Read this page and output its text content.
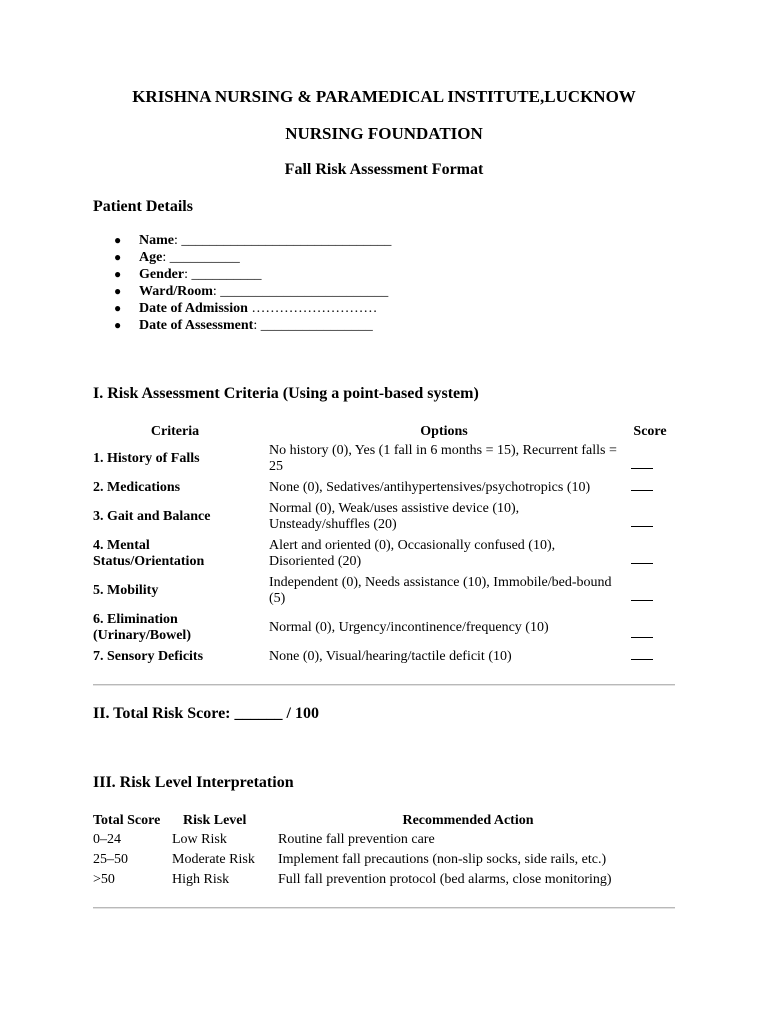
KRISHNA NURSING & PARAMEDICAL INSTITUTE,LUCKNOW
NURSING FOUNDATION
Fall Risk Assessment Format
Patient Details
● Name: ______________________________
● Age: __________
● Gender: __________
● Ward/Room: ________________________
● Date of Admission ………………………
● Date of Assessment: ________________
I. Risk Assessment Criteria (Using a point-based system)
Criteria	Options	Score
1. History of Falls	No history (0), Yes (1 fall in 6 months = 15), Recurrent falls = 25	
2. Medications	None (0), Sedatives/antihypertensives/psychotropics (10)	
3. Gait and Balance	Normal (0), Weak/uses assistive device (10), Unsteady/shuffles (20)	
4. Mental Status/Orientation	Alert and oriented (0), Occasionally confused (10), Disoriented (20)	
5. Mobility	Independent (0), Needs assistance (10), Immobile/bed-bound (5)	
6. Elimination (Urinary/Bowel)	Normal (0), Urgency/incontinence/frequency (10)	
7. Sensory Deficits	None (0), Visual/hearing/tactile deficit (10)	
II. Total Risk Score: ______ / 100
III. Risk Level Interpretation
Total Score	Risk Level	Recommended Action
0–24	Low Risk	Routine fall prevention care
25–50	Moderate Risk	Implement fall precautions (non-slip socks, side rails, etc.)
>50	High Risk	Full fall prevention protocol (bed alarms, close monitoring)
